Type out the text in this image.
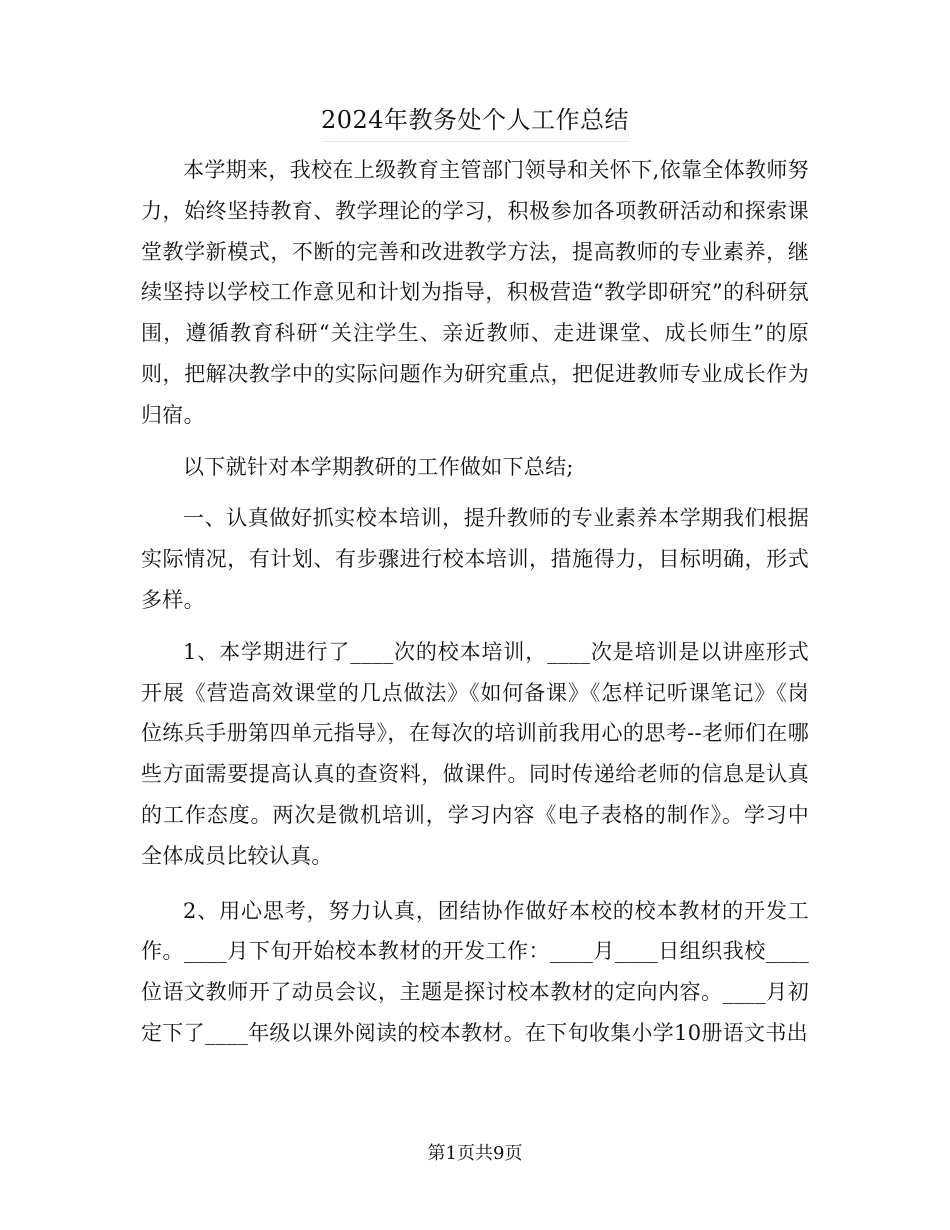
2024年教务处个人工作总结

本学期来，我校在上级教育主管部门领导和关怀下,依靠全体教师努力，始终坚持教育、教学理论的学习，积极参加各项教研活动和探索课堂教学新模式，不断的完善和改进教学方法，提高教师的专业素养，继续坚持以学校工作意见和计划为指导，积极营造“教学即研究”的科研氛围，遵循教育科研“关注学生、亲近教师、走进课堂、成长师生”的原则，把解决教学中的实际问题作为研究重点，把促进教师专业成长作为归宿。

以下就针对本学期教研的工作做如下总结;

一、认真做好抓实校本培训，提升教师的专业素养本学期我们根据实际情况，有计划、有步骤进行校本培训，措施得力，目标明确，形式多样。

1、本学期进行了____次的校本培训，____次是培训是以讲座形式开展《营造高效课堂的几点做法》《如何备课》《怎样记听课笔记》《岗位练兵手册第四单元指导》，在每次的培训前我用心的思考--老师们在哪些方面需要提高认真的查资料，做课件。同时传递给老师的信息是认真的工作态度。两次是微机培训，学习内容《电子表格的制作》。学习中全体成员比较认真。

2、用心思考，努力认真，团结协作做好本校的校本教材的开发工作。____月下旬开始校本教材的开发工作：____月____日组织我校____位语文教师开了动员会议，主题是探讨校本教材的定向内容。____月初定下了____年级以课外阅读的校本教材。在下旬收集小学10册语文书出

第1页共9页
